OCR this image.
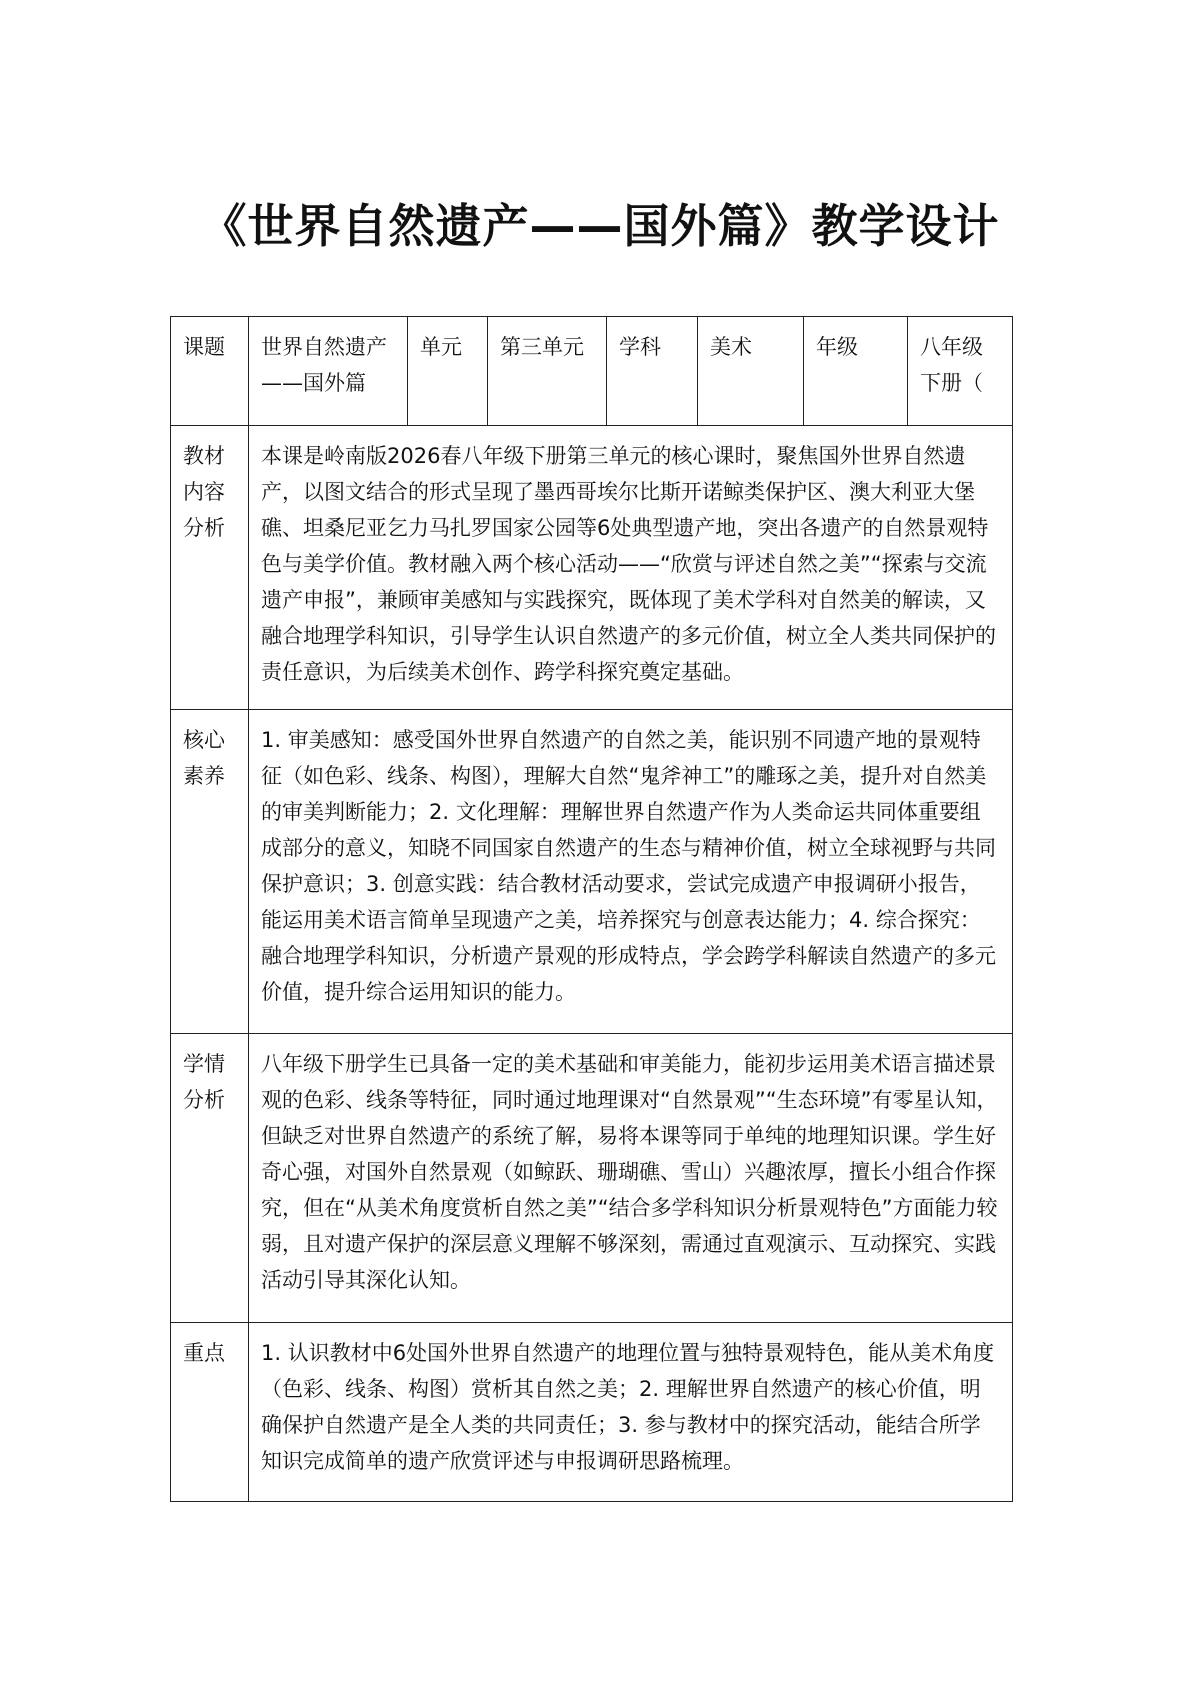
《世界自然遗产——国外篇》教学设计
课题	世界自然遗产——国外篇	单元	第三单元	学科	美术	年级	八年级下册（
教材内容分析	本课是岭南版2026春八年级下册第三单元的核心课时，聚焦国外世界自然遗产，以图文结合的形式呈现了墨西哥埃尔比斯开诺鲸类保护区、澳大利亚大堡礁、坦桑尼亚乞力马扎罗国家公园等6处典型遗产地，突出各遗产的自然景观特色与美学价值。教材融入两个核心活动——“欣赏与评述自然之美”“探索与交流遗产申报”，兼顾审美感知与实践探究，既体现了美术学科对自然美的解读，又融合地理学科知识，引导学生认识自然遗产的多元价值，树立全人类共同保护的责任意识，为后续美术创作、跨学科探究奠定基础。						
核心素养	1. 审美感知：感受国外世界自然遗产的自然之美，能识别不同遗产地的景观特征（如色彩、线条、构图），理解大自然“鬼斧神工”的雕琢之美，提升对自然美的审美判断能力；2. 文化理解：理解世界自然遗产作为人类命运共同体重要组成部分的意义，知晓不同国家自然遗产的生态与精神价值，树立全球视野与共同保护意识；3. 创意实践：结合教材活动要求，尝试完成遗产申报调研小报告，能运用美术语言简单呈现遗产之美，培养探究与创意表达能力；4. 综合探究：融合地理学科知识，分析遗产景观的形成特点，学会跨学科解读自然遗产的多元价值，提升综合运用知识的能力。						
学情分析	八年级下册学生已具备一定的美术基础和审美能力，能初步运用美术语言描述景观的色彩、线条等特征，同时通过地理课对“自然景观”“生态环境”有零星认知，但缺乏对世界自然遗产的系统了解，易将本课等同于单纯的地理知识课。学生好奇心强，对国外自然景观（如鲸跃、珊瑚礁、雪山）兴趣浓厚，擅长小组合作探究，但在“从美术角度赏析自然之美”“结合多学科知识分析景观特色”方面能力较弱，且对遗产保护的深层意义理解不够深刻，需通过直观演示、互动探究、实践活动引导其深化认知。						
重点	1. 认识教材中6处国外世界自然遗产的地理位置与独特景观特色，能从美术角度（色彩、线条、构图）赏析其自然之美；2. 理解世界自然遗产的核心价值，明确保护自然遗产是全人类的共同责任；3. 参与教材中的探究活动，能结合所学知识完成简单的遗产欣赏评述与申报调研思路梳理。						
